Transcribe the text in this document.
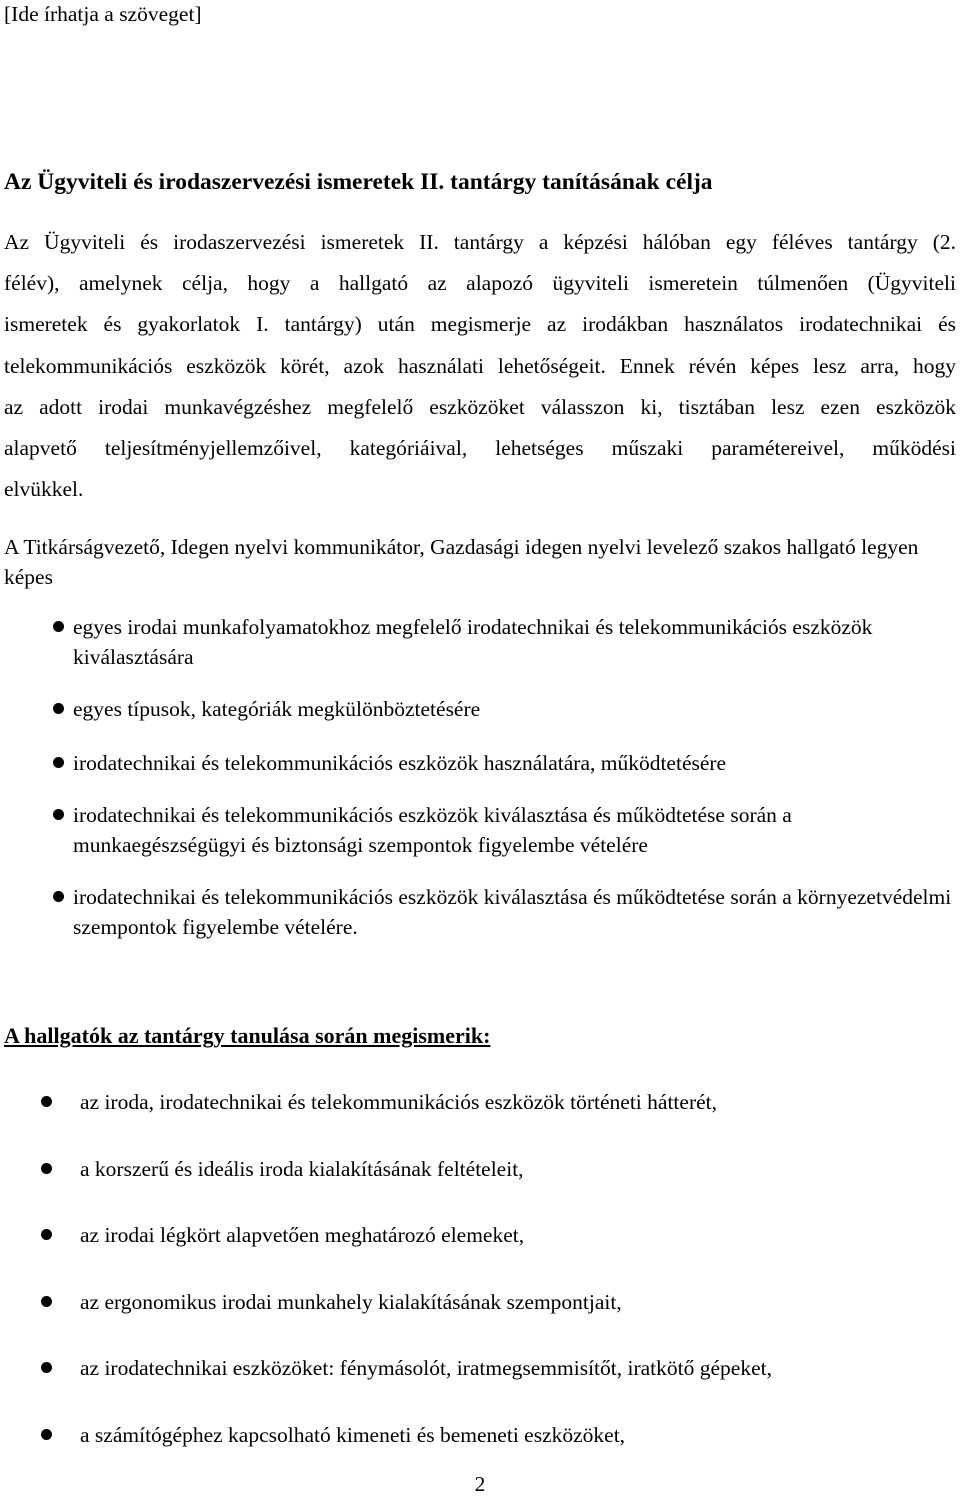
[Ide írhatja a szöveget]
Az Ügyviteli és irodaszervezési ismeretek II. tantárgy tanításának célja
Az Ügyviteli és irodaszervezési ismeretek II. tantárgy a képzési hálóban egy féléves tantárgy (2.
félév), amelynek célja, hogy a hallgató az alapozó ügyviteli ismeretein túlmenően (Ügyviteli
ismeretek és gyakorlatok I. tantárgy) után megismerje az irodákban használatos irodatechnikai és
telekommunikációs eszközök körét, azok használati lehetőségeit. Ennek révén képes lesz arra, hogy
az adott irodai munkavégzéshez megfelelő eszközöket válasszon ki, tisztában lesz ezen eszközök
alapvető teljesítményjellemzőivel, kategóriáival, lehetséges műszaki paramétereivel, működési
elvükkel.
A Titkárságvezető, Idegen nyelvi kommunikátor, Gazdasági idegen nyelvi levelező szakos hallgató legyen képes
egyes irodai munkafolyamatokhoz megfelelő irodatechnikai és telekommunikációs eszközök kiválasztására
egyes típusok, kategóriák megkülönböztetésére
irodatechnikai és telekommunikációs eszközök használatára, működtetésére
irodatechnikai és telekommunikációs eszközök kiválasztása és működtetése során a munkaegészségügyi és biztonsági szempontok figyelembe vételére
irodatechnikai és telekommunikációs eszközök kiválasztása és működtetése során a környezetvédelmi szempontok figyelembe vételére.
A hallgatók az tantárgy tanulása során megismerik:
az iroda, irodatechnikai és telekommunikációs eszközök történeti hátterét,
a korszerű és ideális iroda kialakításának feltételeit,
az irodai légkört alapvetően meghatározó elemeket,
az ergonomikus irodai munkahely kialakításának szempontjait,
az irodatechnikai eszközöket: fénymásolót, iratmegsemmisítőt, iratkötő gépeket,
a számítógéphez kapcsolható kimeneti és bemeneti eszközöket,
2
